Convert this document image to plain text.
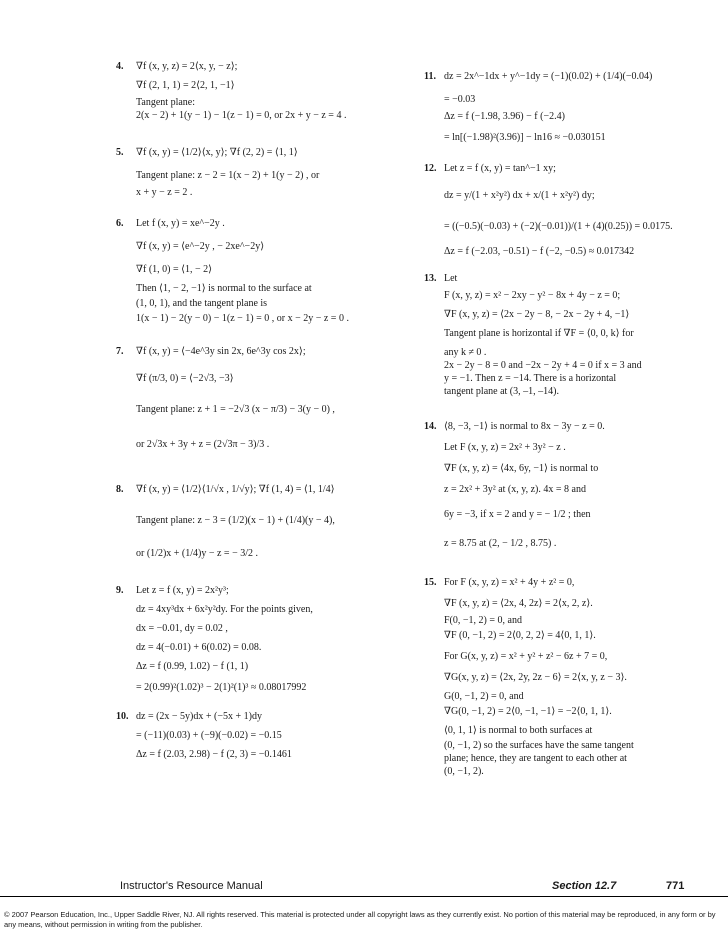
4. ∇f (x, y, z) = 2⟨x, y, − z⟩;

∇f (2, 1, 1) = 2⟨2, 1, −1⟩

Tangent plane:

2(x − 2) + 1(y − 1) − 1(z − 1) = 0, or 2x + y − z = 4 .

5. ∇f (x, y) = ⟨1/2⟩⟨x, y⟩; ∇f (2, 2) = ⟨1, 1⟩

Tangent plane: z − 2 = 1(x − 2) + 1(y − 2) , or

x + y − z = 2 .

6. Let f (x, y) = xe^−2y .

∇f (x, y) = ⟨e^−2y , − 2xe^−2y⟩

∇f (1, 0) = ⟨1, − 2⟩

Then ⟨1, − 2, −1⟩ is normal to the surface at

(1, 0, 1), and the tangent plane is

1(x − 1) − 2(y − 0) − 1(z − 1) = 0 , or x − 2y − z = 0 .

7. ∇f (x, y) = ⟨−4e^3y sin 2x, 6e^3y cos 2x⟩;

∇f (π/3, 0) = ⟨−2√3, −3⟩

Tangent plane: z + 1 = −2√3 (x − π/3) − 3(y − 0) ,

or 2√3x + 3y + z = (2√3π − 3)/3 .

8. ∇f (x, y) = ⟨1/2⟩⟨1/√x , 1/√y⟩; ∇f (1, 4) = ⟨1, 1/4⟩

Tangent plane: z − 3 = (1/2)(x − 1) + (1/4)(y − 4),

or (1/2)x + (1/4)y − z = − 3/2 .

9. Let z = f (x, y) = 2x²y³;

dz = 4xy³dx + 6x²y²dy. For the points given,

dx = −0.01, dy = 0.02 ,

dz = 4(−0.01) + 6(0.02) = 0.08.

Δz = f (0.99, 1.02) − f (1, 1)

= 2(0.99)²(1.02)³ − 2(1)²(1)³ ≈ 0.08017992

10. dz = (2x − 5y)dx + (−5x + 1)dy

= (−11)(0.03) + (−9)(−0.02) = −0.15

Δz = f (2.03, 2.98) − f (2, 3) = −0.1461

11. dz = 2x^−1dx + y^−1dy = (−1)(0.02) + (1/4)(−0.04)

= −0.03

Δz = f (−1.98, 3.96) − f (−2.4)

= ln[(−1.98)²(3.96)] − ln16 ≈ −0.030151

12. Let z = f (x, y) = tan^−1 xy;

dz = y/(1 + x²y²) dx + x/(1 + x²y²) dy;

= ((−0.5)(−0.03) + (−2)(−0.01))/(1 + (4)(0.25)) = 0.0175.

Δz = f (−2.03, −0.51) − f (−2, −0.5) ≈ 0.017342

13. Let

F (x, y, z) = x² − 2xy − y² − 8x + 4y − z = 0;

∇F (x, y, z) = ⟨2x − 2y − 8, − 2x − 2y + 4, −1⟩

Tangent plane is horizontal if ∇F = ⟨0, 0, k⟩ for

any k ≠ 0 .

2x − 2y − 8 = 0 and −2x − 2y + 4 = 0 if x = 3 and

y = −1. Then z = −14. There is a horizontal

tangent plane at (3, –1, –14).

14. ⟨8, −3, −1⟩ is normal to 8x − 3y − z = 0.

Let F (x, y, z) = 2x² + 3y² − z .

∇F (x, y, z) = ⟨4x, 6y, −1⟩ is normal to

z = 2x² + 3y² at (x, y, z). 4x = 8 and

6y = −3, if x = 2 and y = − 1/2 ; then

z = 8.75 at (2, − 1/2 , 8.75) .

15. For F (x, y, z) = x² + 4y + z² = 0,

∇F (x, y, z) = ⟨2x, 4, 2z⟩ = 2⟨x, 2, z⟩.

F(0, −1, 2) = 0, and

∇F (0, −1, 2) = 2⟨0, 2, 2⟩ = 4⟨0, 1, 1⟩.

For G(x, y, z) = x² + y² + z² − 6z + 7 = 0,

∇G(x, y, z) = ⟨2x, 2y, 2z − 6⟩ = 2⟨x, y, z − 3⟩.

G(0, −1, 2) = 0, and

∇G(0, −1, 2) = 2⟨0, −1, −1⟩ = −2⟨0, 1, 1⟩.

⟨0, 1, 1⟩ is normal to both surfaces at

(0, −1, 2) so the surfaces have the same tangent

plane; hence, they are tangent to each other at

(0, −1, 2).

Instructor's Resource Manual	Section 12.7	771
© 2007 Pearson Education, Inc., Upper Saddle River, NJ. All rights reserved. This material is protected under all copyright laws as they currently exist. No portion of this material may be reproduced, in any form or by any means, without permission in writing from the publisher.
